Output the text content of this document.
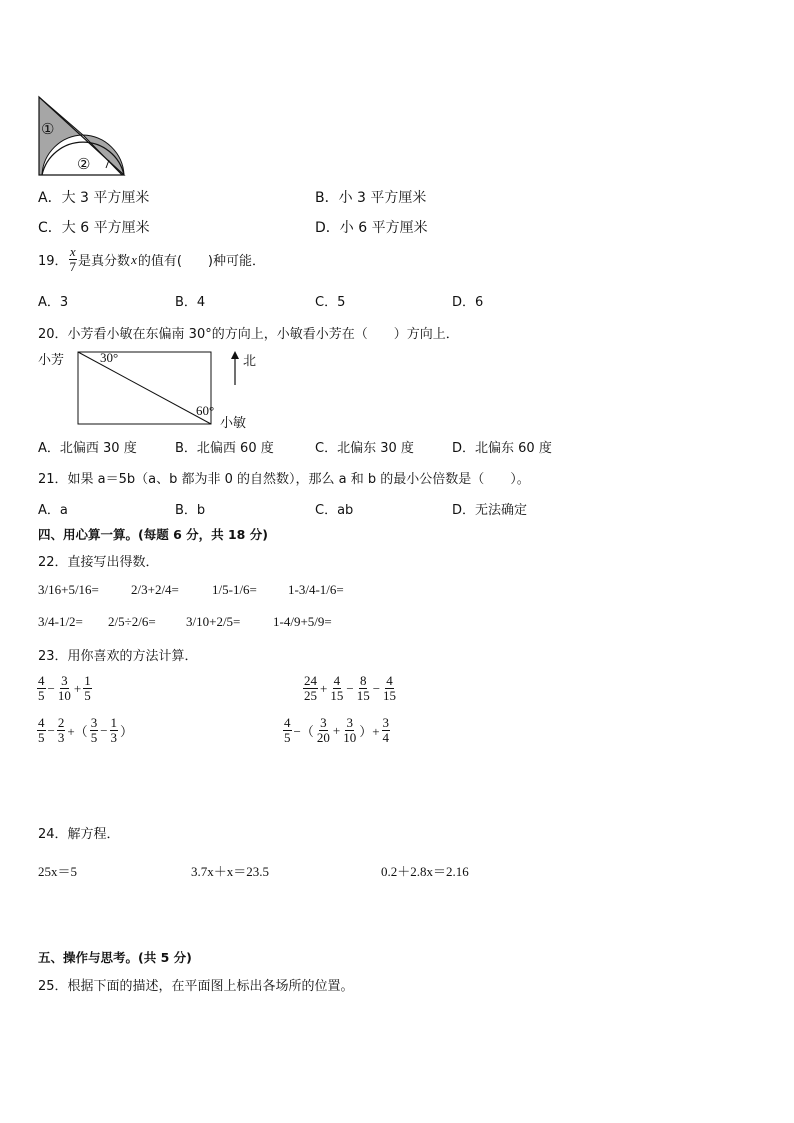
①
②
A．大 3 平方厘米	B．小 3 平方厘米
C．大 6 平方厘米	D．小 6 平方厘米
19． $\frac{x}{7}$ 是真分数 x 的值有(　　)种可能．
A．3	B．4	C．5	D．6
20．小芳看小敏在东偏南 30°的方向上，小敏看小芳在（　　）方向上．
小芳	30°
60°
小敏
北
A．北偏西 30 度	B．北偏西 60 度	C．北偏东 30 度	D．北偏东 60 度
21．如果 a＝5b（a、b 都为非 0 的自然数），那么 a 和 b 的最小公倍数是（　　）。
A．a	B．b	C．ab	D．无法确定
四、用心算一算。(每题 6 分，共 18 分)
22．直接写出得数．
3/16+5/16= 2/3+2/4=	1/5-1/6= 1-3/4-1/6=
3/4-1/2= 2/5÷2/6= 3/10+2/5=	1-4/9+5/9=
23．用你喜欢的方法计算．
$\frac{4}{5} - \frac{3}{10} + \frac{1}{5}$	$\frac{24}{25} + \frac{4}{15} - \frac{8}{15} - \frac{4}{15}$
$\frac{4}{5} - \frac{2}{3}$ +（ $\frac{3}{5} - \frac{1}{3}$ ）	$\frac{4}{5}$ −（ $\frac{3}{20} + \frac{3}{10}$ ）+ $\frac{3}{4}$
24．解方程．
25x＝5	3.7x＋x＝23.5	0.2＋2.8x＝2.16
五、操作与思考。(共 5 分)
25．根据下面的描述，在平面图上标出各场所的位置。
